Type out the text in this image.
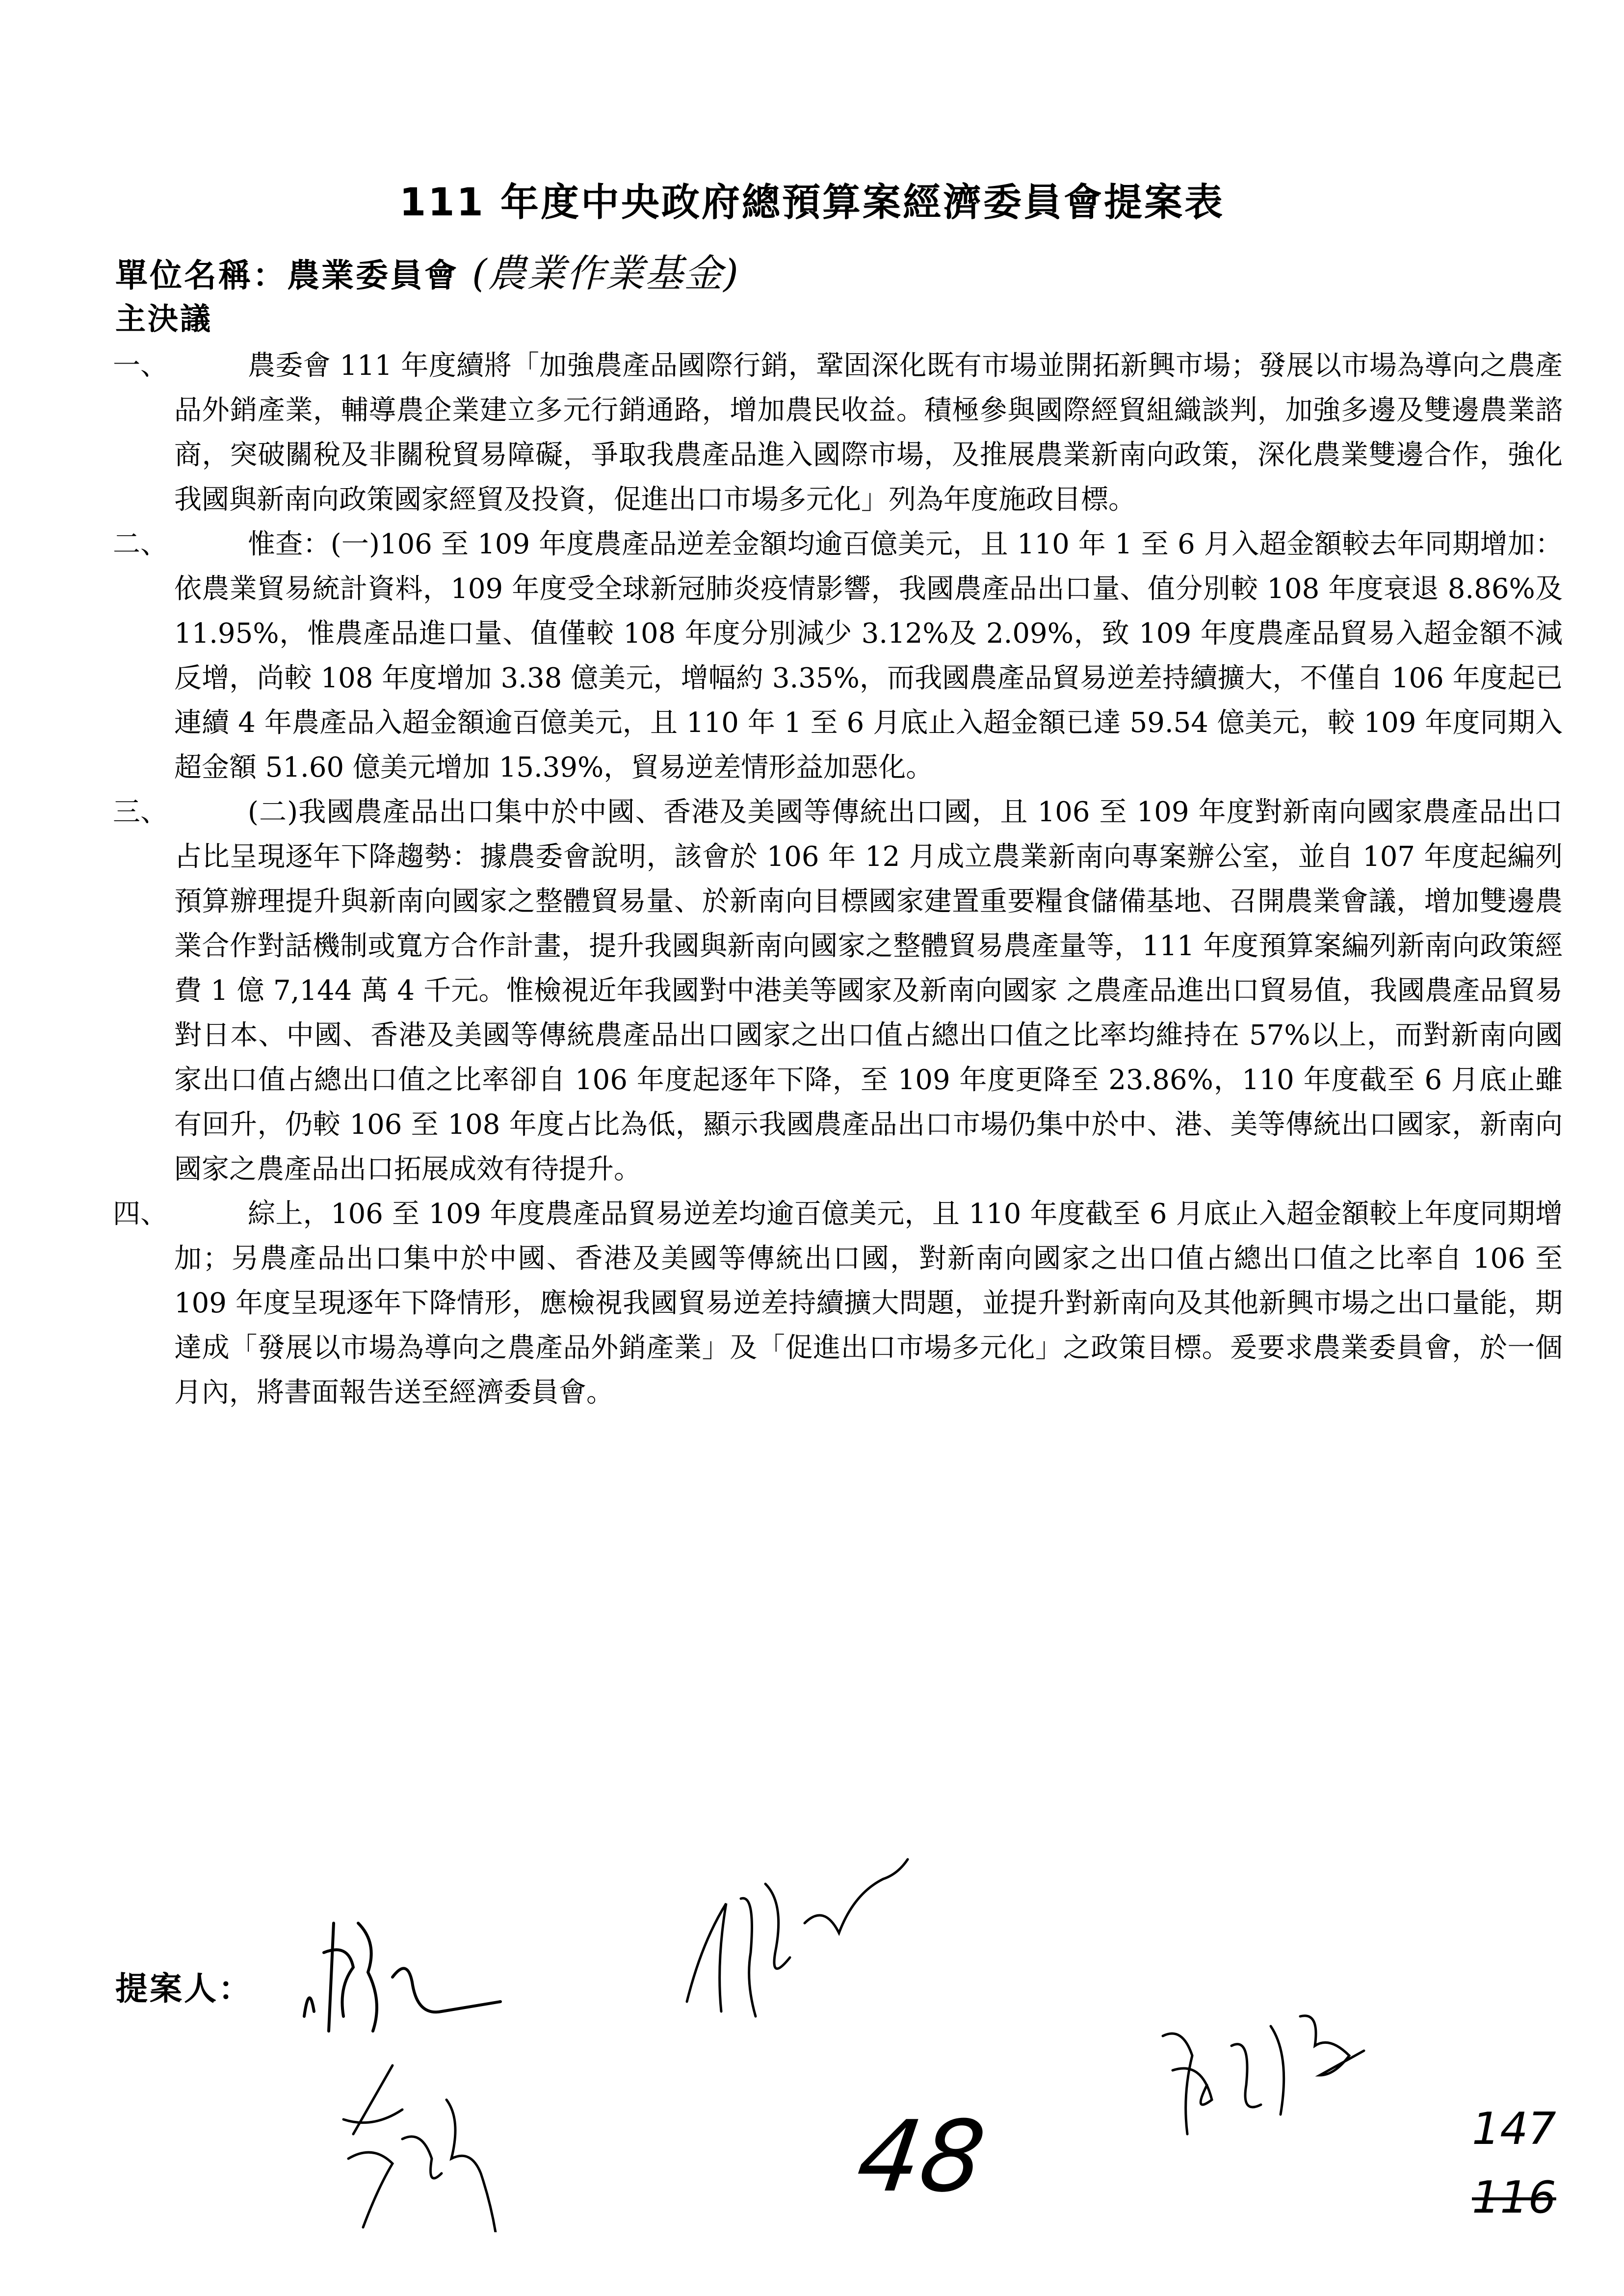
111 年度中央政府總預算案經濟委員會提案表
單位名稱：農業委員會 (農業作業基金)
主決議
一、	農委會 111 年度續將「加強農產品國際行銷，鞏固深化既有市場並開拓新興市場；發展以市場為導向之農產品外銷產業，輔導農企業建立多元行銷通路，增加農民收益。積極參與國際經貿組織談判，加強多邊及雙邊農業諮商，突破關稅及非關稅貿易障礙，爭取我農產品進入國際市場，及推展農業新南向政策，深化農業雙邊合作，強化我國與新南向政策國家經貿及投資，促進出口市場多元化」列為年度施政目標。
二、	惟查：(一)106 至 109 年度農產品逆差金額均逾百億美元，且 110 年 1 至 6 月入超金額較去年同期增加：依農業貿易統計資料，109 年度受全球新冠肺炎疫情影響，我國農產品出口量、值分別較 108 年度衰退 8.86%及 11.95%，惟農產品進口量、值僅較 108 年度分別減少 3.12%及 2.09%，致 109 年度農產品貿易入超金額不減反增，尚較 108 年度增加 3.38 億美元，增幅約 3.35%，而我國農產品貿易逆差持續擴大，不僅自 106 年度起已連續 4 年農產品入超金額逾百億美元，且 110 年 1 至 6 月底止入超金額已達 59.54 億美元，較 109 年度同期入超金額 51.60 億美元增加 15.39%，貿易逆差情形益加惡化。
三、	(二)我國農產品出口集中於中國、香港及美國等傳統出口國，且 106 至 109 年度對新南向國家農產品出口占比呈現逐年下降趨勢：據農委會說明，該會於 106 年 12 月成立農業新南向專案辦公室，並自 107 年度起編列預算辦理提升與新南向國家之整體貿易量、於新南向目標國家建置重要糧食儲備基地、召開農業會議，增加雙邊農業合作對話機制或寬方合作計畫，提升我國與新南向國家之整體貿易農產量等，111 年度預算案編列新南向政策經費 1 億 7,144 萬 4 千元。惟檢視近年我國對中港美等國家及新南向國家 之農產品進出口貿易值，我國農產品貿易對日本、中國、香港及美國等傳統農產品出口國家之出口值占總出口值之比率均維持在 57%以上，而對新南向國家出口值占總出口值之比率卻自 106 年度起逐年下降，至 109 年度更降至 23.86%，110 年度截至 6 月底止雖有回升，仍較 106 至 108 年度占比為低，顯示我國農產品出口市場仍集中於中、港、美等傳統出口國家，新南向國家之農產品出口拓展成效有待提升。
四、	綜上，106 至 109 年度農產品貿易逆差均逾百億美元，且 110 年度截至 6 月底止入超金額較上年度同期增加；另農產品出口集中於中國、香港及美國等傳統出口國，對新南向國家之出口值占總出口值之比率自 106 至 109 年度呈現逐年下降情形，應檢視我國貿易逆差持續擴大問題，並提升對新南向及其他新興市場之出口量能，期達成「發展以市場為導向之農產品外銷產業」及「促進出口市場多元化」之政策目標。爰要求農業委員會，於一個月內，將書面報告送至經濟委員會。
提案人：
48	147
116
